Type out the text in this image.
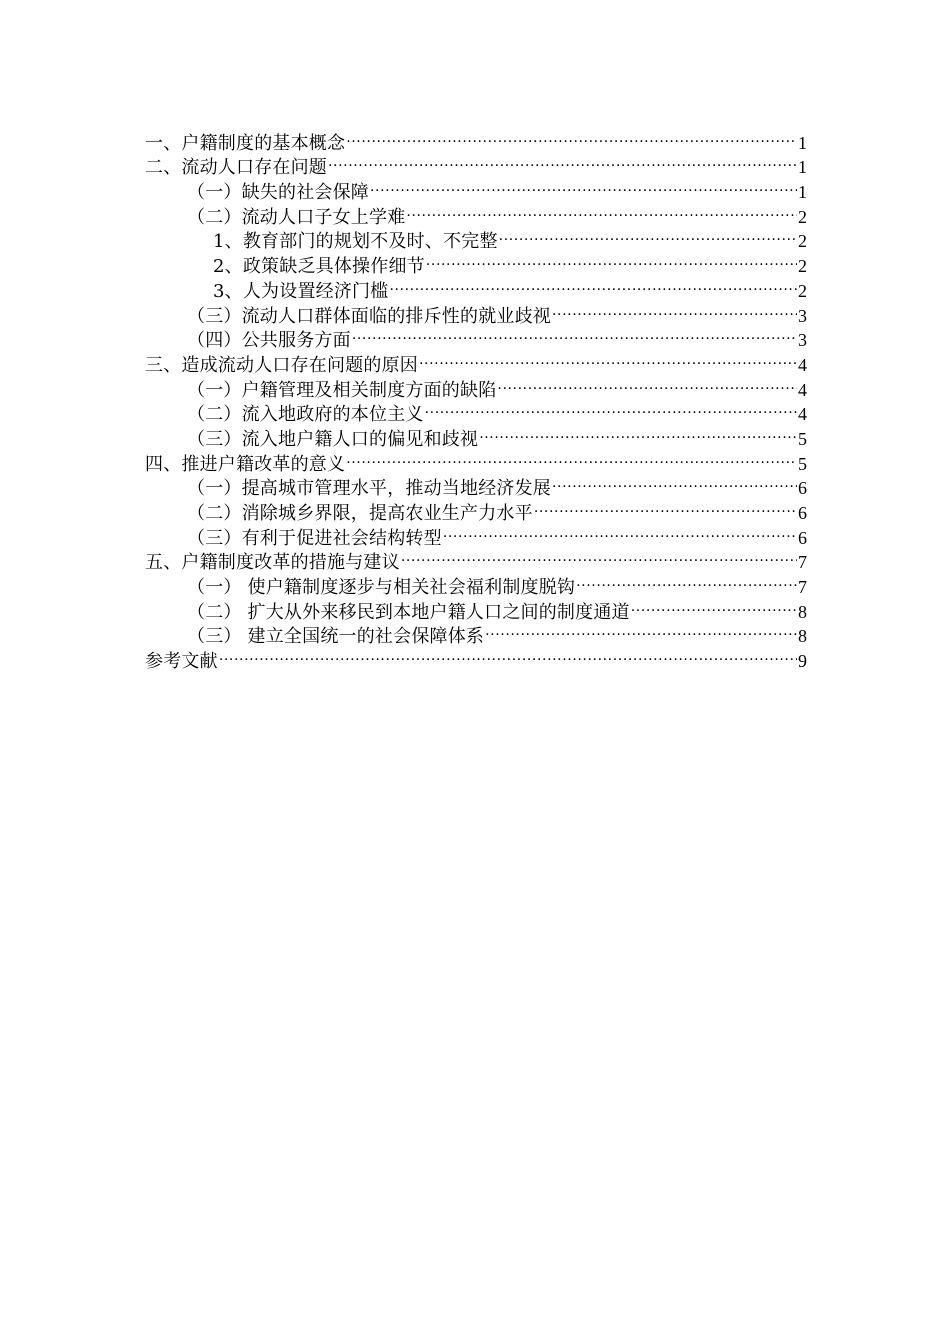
一、户籍制度的基本概念 .....	1
二、流动人口存在问题 .....	1
（一）缺失的社会保障 .....	1
（二）流动人口子女上学难 .....	2
1、教育部门的规划不及时、不完整 .....	2
2、政策缺乏具体操作细节 .....	2
3、人为设置经济门槛 .....	2
（三）流动人口群体面临的排斥性的就业歧视 .....	3
（四）公共服务方面 .....	3
三、造成流动人口存在问题的原因 .....	4
（一）户籍管理及相关制度方面的缺陷 .....	4
（二）流入地政府的本位主义 .....	4
（三）流入地户籍人口的偏见和歧视 .....	5
四、推进户籍改革的意义 .....	5
（一）提高城市管理水平，推动当地经济发展 .....	6
（二）消除城乡界限，提高农业生产力水平 .....	6
（三）有利于促进社会结构转型 .....	6
五、户籍制度改革的措施与建议 .....	7
（一） 使户籍制度逐步与相关社会福利制度脱钩 .....	7
（二） 扩大从外来移民到本地户籍人口之间的制度通道 .....	8
（三） 建立全国统一的社会保障体系 .....	8
参考文献 .....	9
